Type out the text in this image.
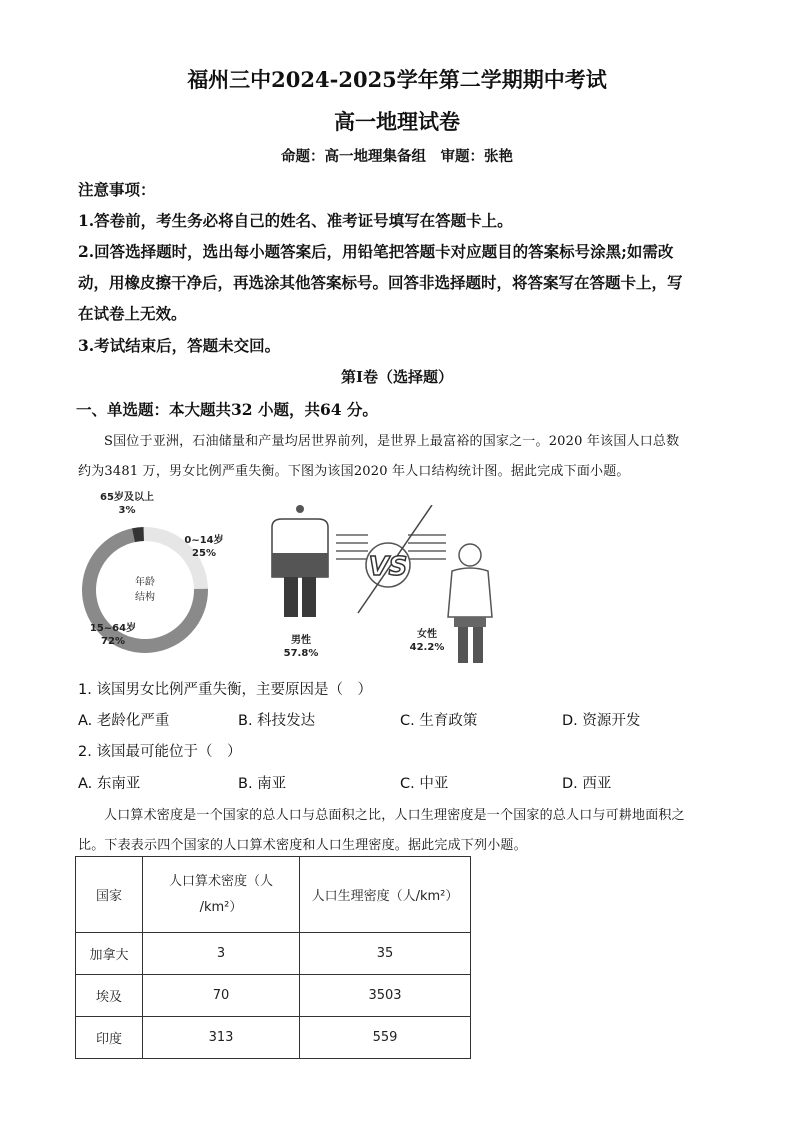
福州三中2024-2025学年第二学期期中考试
高一地理试卷
命题：高一地理集备组　审题：张艳
注意事项：
1.答卷前，考生务必将自己的姓名、准考证号填写在答题卡上。
2.回答选择题时，选出每小题答案后，用铅笔把答题卡对应题目的答案标号涂黑;如需改
动，用橡皮擦干净后，再选涂其他答案标号。回答非选择题时，将答案写在答题卡上，写
在试卷上无效。
3.考试结束后，答题未交回。
第Ⅰ卷（选择题）
一、单选题：本大题共32 小题，共64 分。
S国位于亚洲，石油储量和产量均居世界前列，是世界上最富裕的国家之一。2020 年该国人口总数
约为3481 万，男女比例严重失衡。下图为该国2020 年人口结构统计图。据此完成下面小题。
年龄
结构
65岁及以上
3%
0~14岁
25%
15~64岁
72%
VS
男性
57.8%
女性
42.2%
1. 该国男女比例严重失衡，主要原因是（　）
A. 老龄化严重	B. 科技发达	C. 生育政策	D. 资源开发
2. 该国最可能位于（　）
A. 东南亚	B. 南亚	C. 中亚	D. 西亚
人口算术密度是一个国家的总人口与总面积之比，人口生理密度是一个国家的总人口与可耕地面积之
比。下表表示四个国家的人口算术密度和人口生理密度。据此完成下列小题。
国家	人口算术密度（人
/km²）	人口生理密度（人/km²）
加拿大	3	35
埃及	70	3503
印度	313	559
